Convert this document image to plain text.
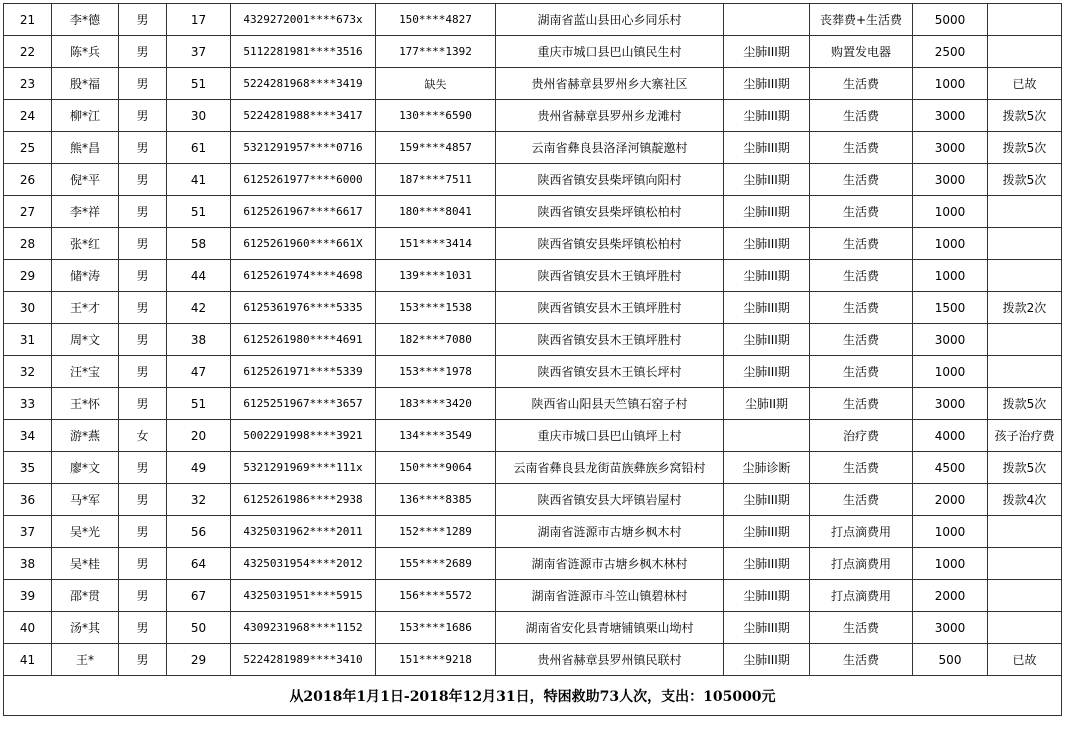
21	李*德	男	17	4329272001****673x	150****4827	湖南省蓝山县田心乡同乐村		丧葬费+生活费	5000	
22	陈*兵	男	37	5112281981****3516	177****1392	重庆市城口县巴山镇民生村	尘肺III期	购置发电器	2500	
23	殷*福	男	51	5224281968****3419	缺失	贵州省赫章县罗州乡大寨社区	尘肺III期	生活费	1000	已故
24	柳*江	男	30	5224281988****3417	130****6590	贵州省赫章县罗州乡龙滩村	尘肺III期	生活费	3000	拨款5次
25	熊*昌	男	61	5321291957****0716	159****4857	云南省彝良县洛泽河镇靛邀村	尘肺III期	生活费	3000	拨款5次
26	倪*平	男	41	6125261977****6000	187****7511	陕西省镇安县柴坪镇向阳村	尘肺III期	生活费	3000	拨款5次
27	李*祥	男	51	6125261967****6617	180****8041	陕西省镇安县柴坪镇松柏村	尘肺III期	生活费	1000	
28	张*红	男	58	6125261960****661X	151****3414	陕西省镇安县柴坪镇松柏村	尘肺III期	生活费	1000	
29	储*涛	男	44	6125261974****4698	139****1031	陕西省镇安县木王镇坪胜村	尘肺III期	生活费	1000	
30	王*才	男	42	6125361976****5335	153****1538	陕西省镇安县木王镇坪胜村	尘肺III期	生活费	1500	拨款2次
31	周*文	男	38	6125261980****4691	182****7080	陕西省镇安县木王镇坪胜村	尘肺III期	生活费	3000	
32	汪*宝	男	47	6125261971****5339	153****1978	陕西省镇安县木王镇长坪村	尘肺III期	生活费	1000	
33	王*怀	男	51	6125251967****3657	183****3420	陕西省山阳县天竺镇石窑子村	尘肺II期	生活费	3000	拨款5次
34	游*燕	女	20	5002291998****3921	134****3549	重庆市城口县巴山镇坪上村		治疗费	4000	孩子治疗费
35	廖*文	男	49	5321291969****111x	150****9064	云南省彝良县龙街苗族彝族乡窝铅村	尘肺诊断	生活费	4500	拨款5次
36	马*军	男	32	6125261986****2938	136****8385	陕西省镇安县大坪镇岩屋村	尘肺III期	生活费	2000	拨款4次
37	吴*光	男	56	4325031962****2011	152****1289	湖南省涟源市古塘乡枫木村	尘肺III期	打点滴费用	1000	
38	吴*桂	男	64	4325031954****2012	155****2689	湖南省涟源市古塘乡枫木林村	尘肺III期	打点滴费用	1000	
39	邵*贯	男	67	4325031951****5915	156****5572	湖南省涟源市斗笠山镇碧林村	尘肺III期	打点滴费用	2000	
40	汤*其	男	50	4309231968****1152	153****1686	湖南省安化县青塘铺镇栗山坳村	尘肺III期	生活费	3000	
41	王*	男	29	5224281989****3410	151****9218	贵州省赫章县罗州镇民联村	尘肺III期	生活费	500	已故
从2018年1月1日-2018年12月31日，特困救助73人次，支出：105000元										
